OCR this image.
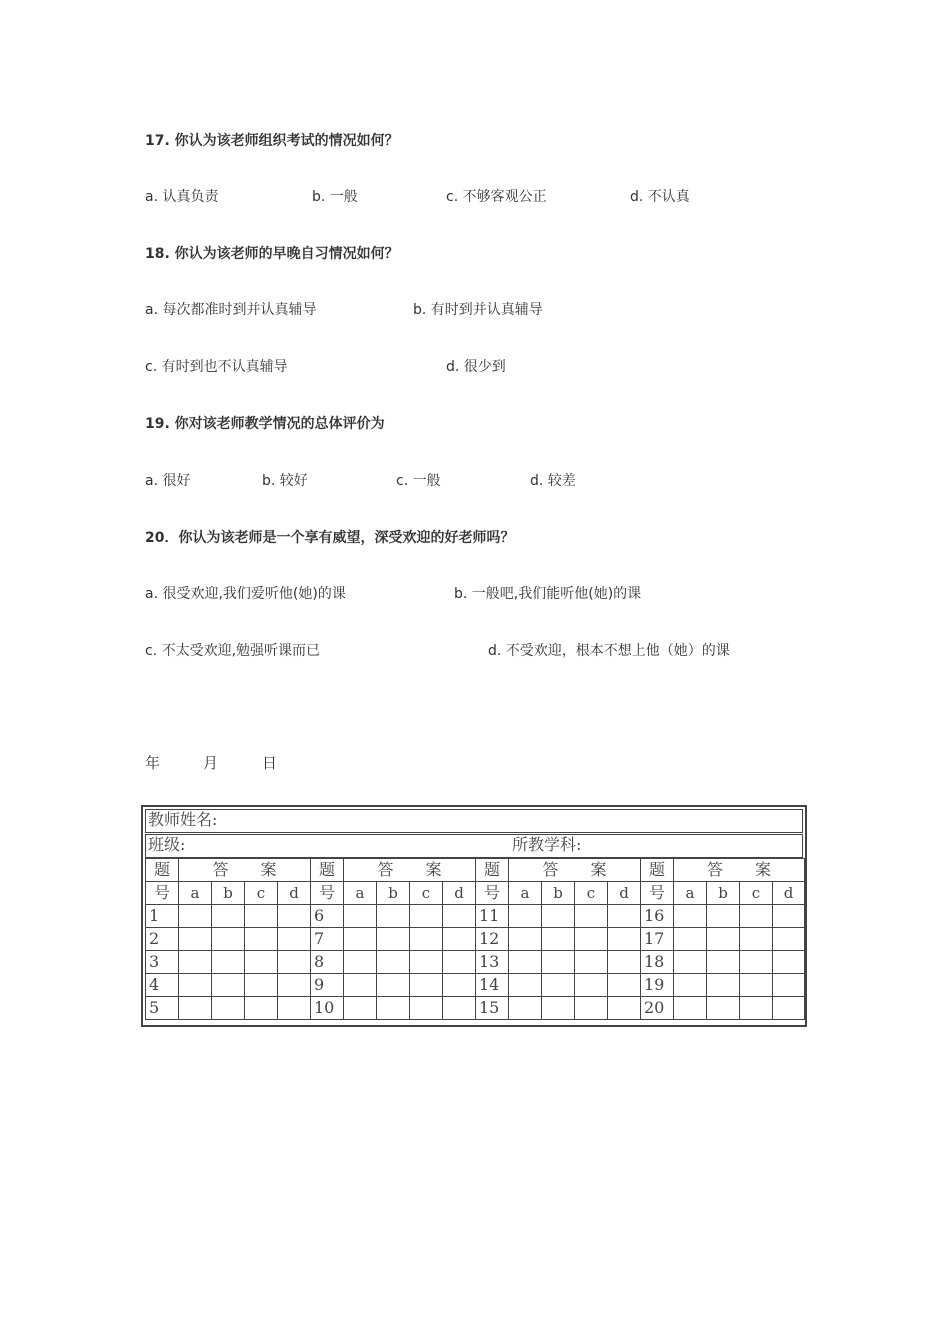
17. 你认为该老师组织考试的情况如何？
a. 认真负责	b. 一般	c. 不够客观公正	d. 不认真
18. 你认为该老师的早晚自习情况如何？
a. 每次都准时到并认真辅导	b. 有时到并认真辅导
c. 有时到也不认真辅导	d. 很少到
19. 你对该老师教学情况的总体评价为
a. 很好	b. 较好	c. 一般	d. 较差
20．你认为该老师是一个享有威望，深受欢迎的好老师吗？
a. 很受欢迎,我们爱听他(她)的课	b. 一般吧,我们能听他(她)的课
c. 不太受欢迎,勉强听课而已	d. 不受欢迎，根本不想上他（她）的课
年	月	日
教师姓名:
班级:	所教学科:
题	答　　案				题	答　　案				题	答　　案				题	答　　案			
号	a	b	c	d	号	a	b	c	d	号	a	b	c	d	号	a	b	c	d
1					6					11					16				
2					7					12					17				
3					8					13					18				
4					9					14					19				
5					10					15					20				
